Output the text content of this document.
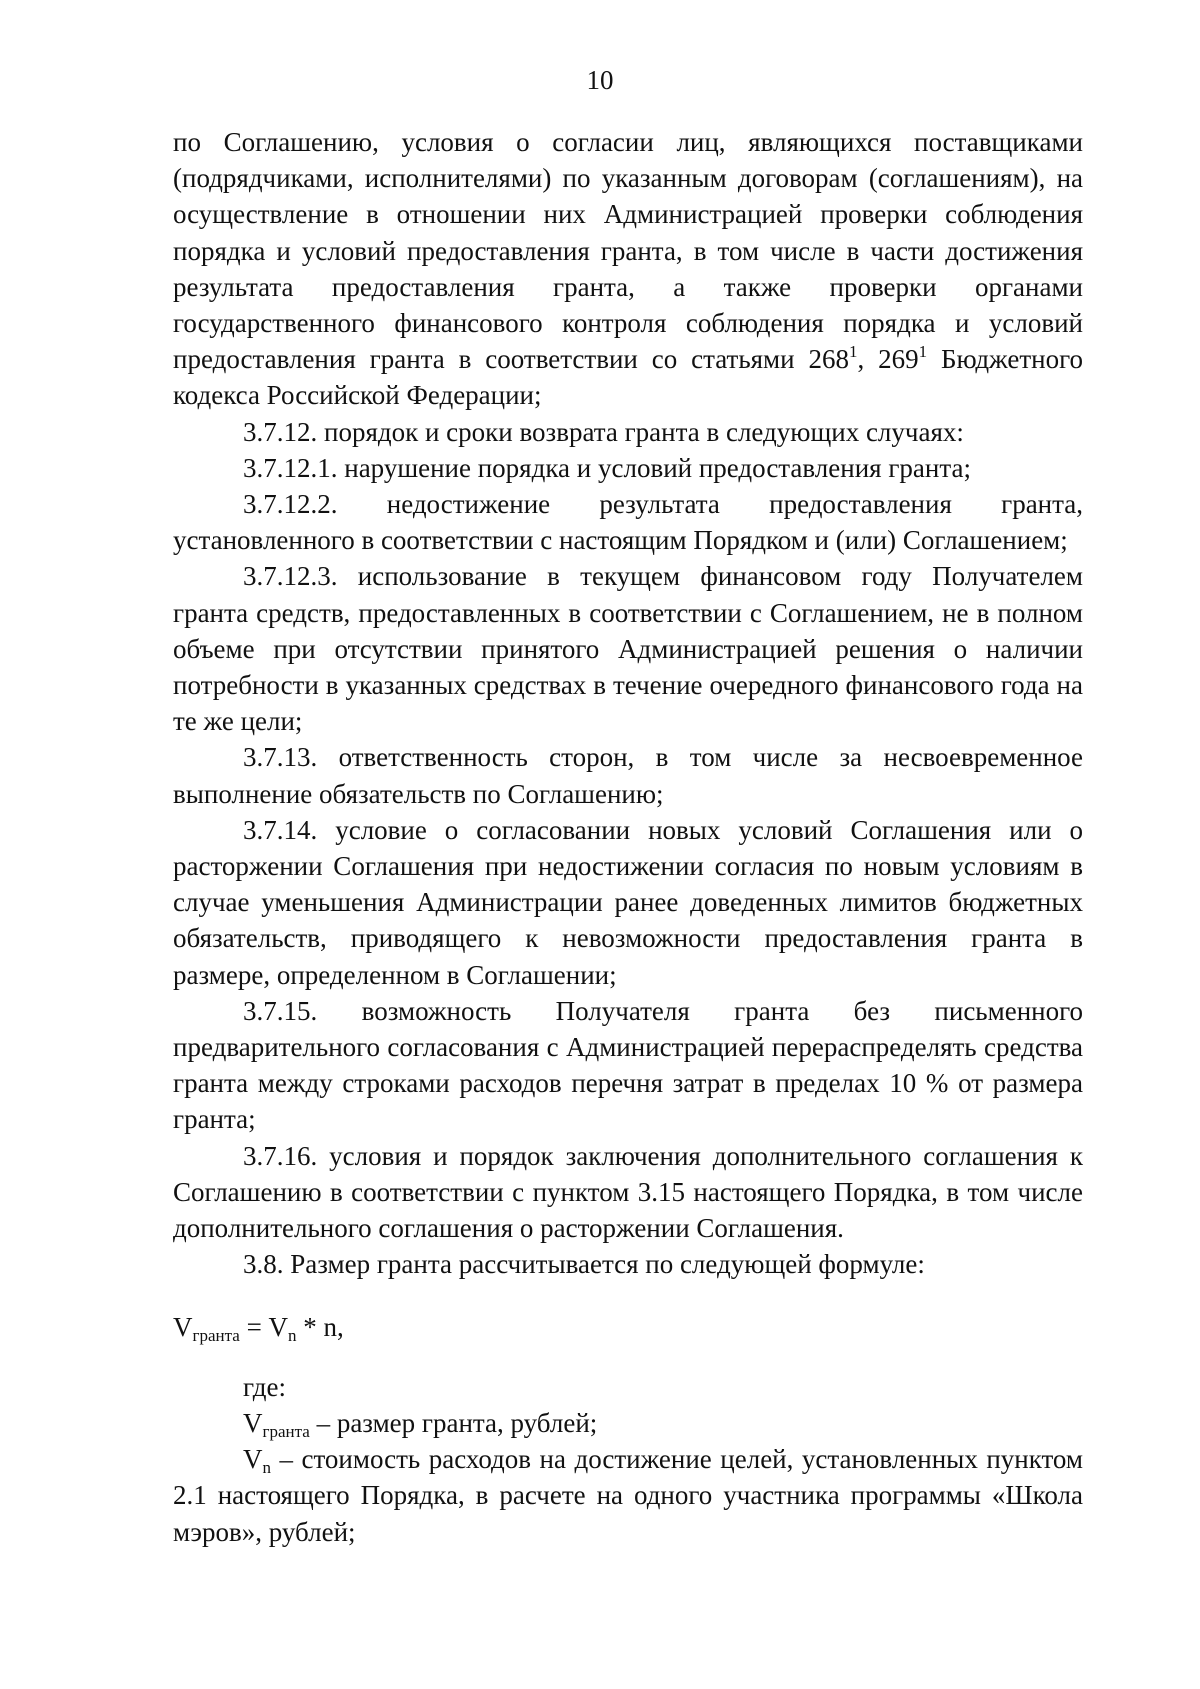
10

по Соглашению, условия о согласии лиц, являющихся поставщиками (подрядчиками, исполнителями) по указанным договорам (соглашениям), на осуществление в отношении них Администрацией проверки соблюдения порядка и условий предоставления гранта, в том числе в части достижения результата предоставления гранта, а также проверки органами государственного финансового контроля соблюдения порядка и условий предоставления гранта в соответствии со статьями $268^1$, $269^1$ Бюджетного кодекса Российской Федерации;

3.7.12. порядок и сроки возврата гранта в следующих случаях:

3.7.12.1. нарушение порядка и условий предоставления гранта;

3.7.12.2. недостижение результата предоставления гранта, установленного в соответствии с настоящим Порядком и (или) Соглашением;

3.7.12.3. использование в текущем финансовом году Получателем гранта средств, предоставленных в соответствии с Соглашением, не в полном объеме при отсутствии принятого Администрацией решения о наличии потребности в указанных средствах в течение очередного финансового года на те же цели;

3.7.13. ответственность сторон, в том числе за несвоевременное выполнение обязательств по Соглашению;

3.7.14. условие о согласовании новых условий Соглашения или о расторжении Соглашения при недостижении согласия по новым условиям в случае уменьшения Администрации ранее доведенных лимитов бюджетных обязательств, приводящего к невозможности предоставления гранта в размере, определенном в Соглашении;

3.7.15. возможность Получателя гранта без письменного предварительного согласования с Администрацией перераспределять средства гранта между строками расходов перечня затрат в пределах 10 % от размера гранта;

3.7.16. условия и порядок заключения дополнительного соглашения к Соглашению в соответствии с пунктом 3.15 настоящего Порядка, в том числе дополнительного соглашения о расторжении Соглашения.

3.8. Размер гранта рассчитывается по следующей формуле:

$V_{гранта} = V_n * n$,

где:

$V_{гранта}$ – размер гранта, рублей;

$V_n$ – стоимость расходов на достижение целей, установленных пунктом 2.1 настоящего Порядка, в расчете на одного участника программы «Школа мэров», рублей;
